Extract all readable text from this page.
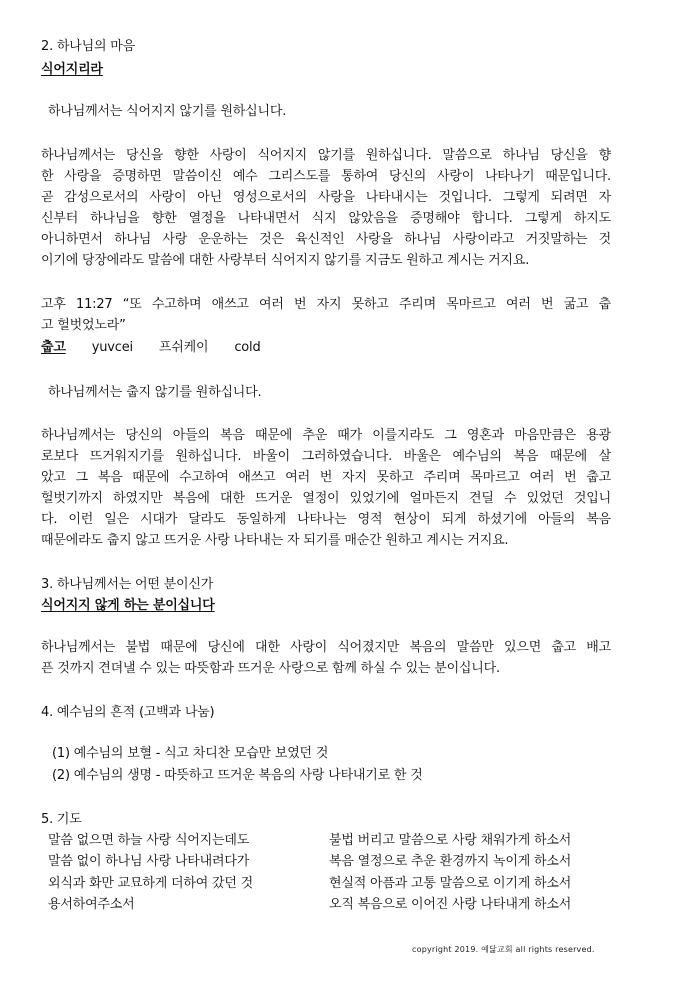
2. 하나님의 마음
식어지리라
하나님께서는 식어지지 않기를 원하십니다.
하나님께서는 당신을 향한 사랑이 식어지지 않기를 원하십니다. 말씀으로 하나님 당신을 향
한 사랑을 증명하면 말씀이신 예수 그리스도를 통하여 당신의 사랑이 나타나기 때문입니다.
곧 감성으로서의 사랑이 아닌 영성으로서의 사랑을 나타내시는 것입니다. 그렇게 되려면 자
신부터 하나님을 향한 열정을 나타내면서 식지 않았음을 증명해야 합니다. 그렇게 하지도
아니하면서 하나님 사랑 운운하는 것은 육신적인 사랑을 하나님 사랑이라고 거짓말하는 것
이기에 당장에라도 말씀에 대한 사랑부터 식어지지 않기를 지금도 원하고 계시는 거지요.
고후 11:27 “또 수고하며 애쓰고 여러 번 자지 못하고 주리며 목마르고 여러 번 굶고 춥
고 헐벗었노라”
춥고 yuvcei 프쉬케이 cold
하나님께서는 춥지 않기를 원하십니다.
하나님께서는 당신의 아들의 복음 때문에 추운 때가 이를지라도 그 영혼과 마음만큼은 용광
로보다 뜨거워지기를 원하십니다. 바울이 그러하였습니다. 바울은 예수님의 복음 때문에 살
았고 그 복음 때문에 수고하여 애쓰고 여러 번 자지 못하고 주리며 목마르고 여러 번 춥고
헐벗기까지 하였지만 복음에 대한 뜨거운 열정이 있었기에 얼마든지 견딜 수 있었던 것입니
다. 이런 일은 시대가 달라도 동일하게 나타나는 영적 현상이 되게 하셨기에 아들의 복음
때문에라도 춥지 않고 뜨거운 사랑 나타내는 자 되기를 매순간 원하고 계시는 거지요.
3. 하나님께서는 어떤 분이신가
식어지지 않게 하는 분이십니다
하나님께서는 불법 때문에 당신에 대한 사랑이 식어졌지만 복음의 말씀만 있으면 춥고 배고
픈 것까지 견뎌낼 수 있는 따뜻함과 뜨거운 사랑으로 함께 하실 수 있는 분이십니다.
4. 예수님의 흔적 (고백과 나눔)
(1) 예수님의 보혈 - 식고 차디찬 모습만 보였던 것
(2) 예수님의 생명 - 따뜻하고 뜨거운 복음의 사랑 나타내기로 한 것
5. 기도
말씀 없으면 하늘 사랑 식어지는데도
말씀 없이 하나님 사랑 나타내려다가
외식과 화만 교묘하게 더하여 갔던 것
용서하여주소서
불법 버리고 말씀으로 사랑 채워가게 하소서
복음 열정으로 추운 환경까지 녹이게 하소서
현실적 아픔과 고통 말씀으로 이기게 하소서
오직 복음으로 이어진 사랑 나타내게 하소서
copyright 2019. 예닮교회 all rights reserved.
